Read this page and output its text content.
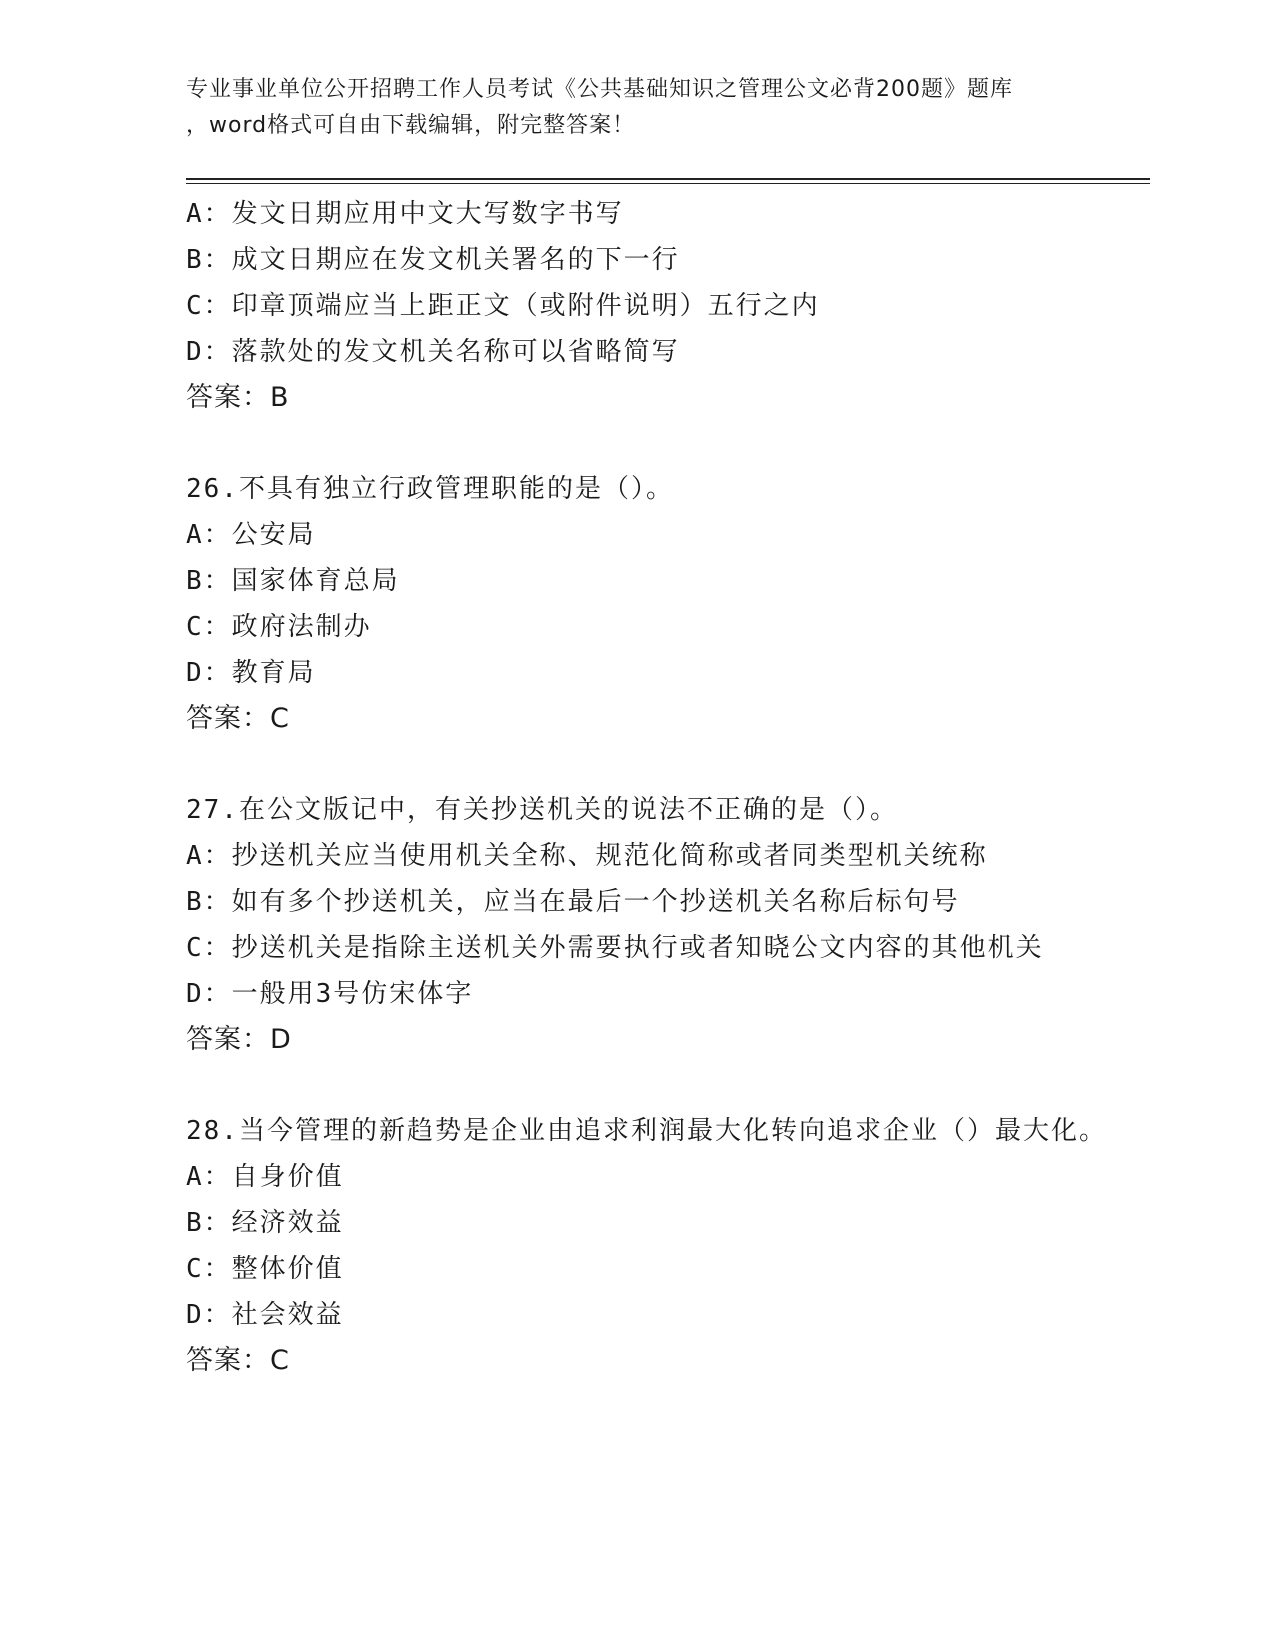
专业事业单位公开招聘工作人员考试《公共基础知识之管理公文必背200题》题库
，word格式可自由下载编辑，附完整答案！
A：发文日期应用中文大写数字书写
B：成文日期应在发文机关署名的下一行
C：印章顶端应当上距正文（或附件说明）五行之内
D：落款处的发文机关名称可以省略简写
答案：B
26.不具有独立行政管理职能的是（）。
A：公安局
B：国家体育总局
C：政府法制办
D：教育局
答案：C
27.在公文版记中，有关抄送机关的说法不正确的是（）。
A：抄送机关应当使用机关全称、规范化简称或者同类型机关统称
B：如有多个抄送机关，应当在最后一个抄送机关名称后标句号
C：抄送机关是指除主送机关外需要执行或者知晓公文内容的其他机关
D：一般用3号仿宋体字
答案：D
28.当今管理的新趋势是企业由追求利润最大化转向追求企业（）最大化。
A：自身价值
B：经济效益
C：整体价值
D：社会效益
答案：C
